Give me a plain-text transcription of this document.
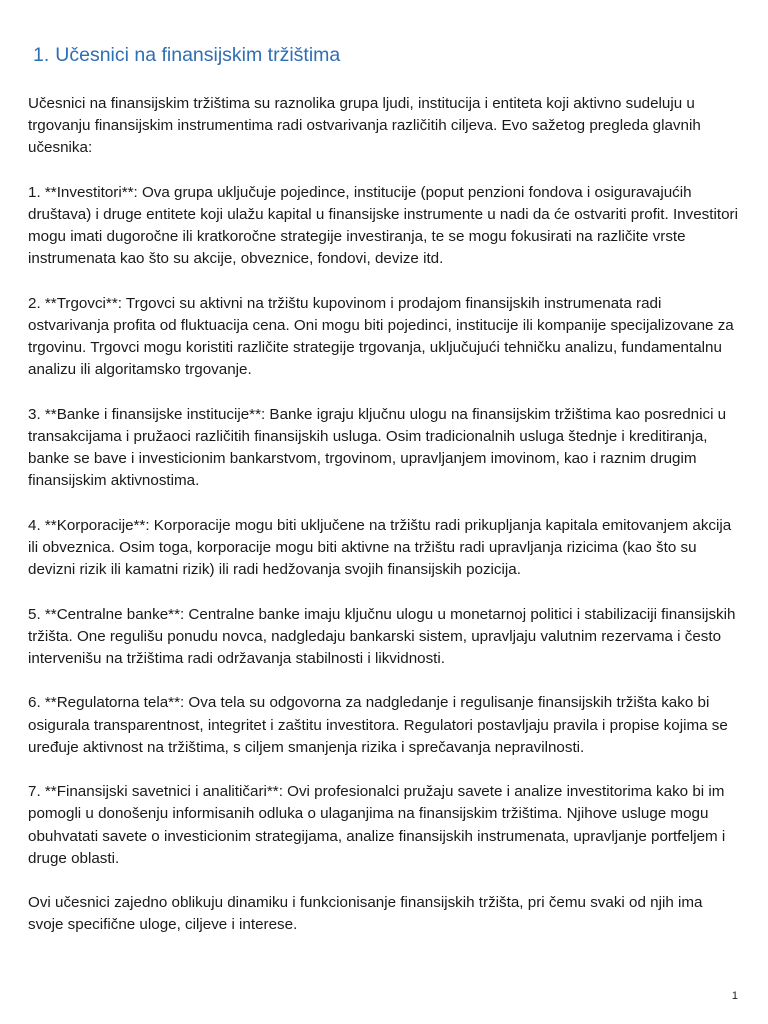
1. Učesnici na finansijskim tržištima

Učesnici na finansijskim tržištima su raznolika grupa ljudi, institucija i entiteta koji aktivno sudeluju u trgovanju finansijskim instrumentima radi ostvarivanja različitih ciljeva. Evo sažetog pregleda glavnih učesnika:

1. **Investitori**: Ova grupa uključuje pojedince, institucije (poput penzioni fondova i osiguravajućih društava) i druge entitete koji ulažu kapital u finansijske instrumente u nadi da će ostvariti profit. Investitori mogu imati dugoročne ili kratkoročne strategije investiranja, te se mogu fokusirati na različite vrste instrumenata kao što su akcije, obveznice, fondovi, devize itd.

2. **Trgovci**: Trgovci su aktivni na tržištu kupovinom i prodajom finansijskih instrumenata radi ostvarivanja profita od fluktuacija cena. Oni mogu biti pojedinci, institucije ili kompanije specijalizovane za trgovinu. Trgovci mogu koristiti različite strategije trgovanja, uključujući tehničku analizu, fundamentalnu analizu ili algoritamsko trgovanje.

3. **Banke i finansijske institucije**: Banke igraju ključnu ulogu na finansijskim tržištima kao posrednici u transakcijama i pružaoci različitih finansijskih usluga. Osim tradicionalnih usluga štednje i kreditiranja, banke se bave i investicionim bankarstvom, trgovinom, upravljanjem imovinom, kao i raznim drugim finansijskim aktivnostima.

4. **Korporacije**: Korporacije mogu biti uključene na tržištu radi prikupljanja kapitala emitovanjem akcija ili obveznica. Osim toga, korporacije mogu biti aktivne na tržištu radi upravljanja rizicima (kao što su devizni rizik ili kamatni rizik) ili radi hedžovanja svojih finansijskih pozicija.

5. **Centralne banke**: Centralne banke imaju ključnu ulogu u monetarnoj politici i stabilizaciji finansijskih tržišta. One regulišu ponudu novca, nadgledaju bankarski sistem, upravljaju valutnim rezervama i često intervenišu na tržištima radi održavanja stabilnosti i likvidnosti.

6. **Regulatorna tela**: Ova tela su odgovorna za nadgledanje i regulisanje finansijskih tržišta kako bi osigurala transparentnost, integritet i zaštitu investitora. Regulatori postavljaju pravila i propise kojima se uređuje aktivnost na tržištima, s ciljem smanjenja rizika i sprečavanja nepravilnosti.

7. **Finansijski savetnici i analitičari**: Ovi profesionalci pružaju savete i analize investitorima kako bi im pomogli u donošenju informisanih odluka o ulaganjima na finansijskim tržištima. Njihove usluge mogu obuhvatati savete o investicionim strategijama, analize finansijskih instrumenata, upravljanje portfeljem i druge oblasti.

Ovi učesnici zajedno oblikuju dinamiku i funkcionisanje finansijskih tržišta, pri čemu svaki od njih ima svoje specifične uloge, ciljeve i interese.

1
